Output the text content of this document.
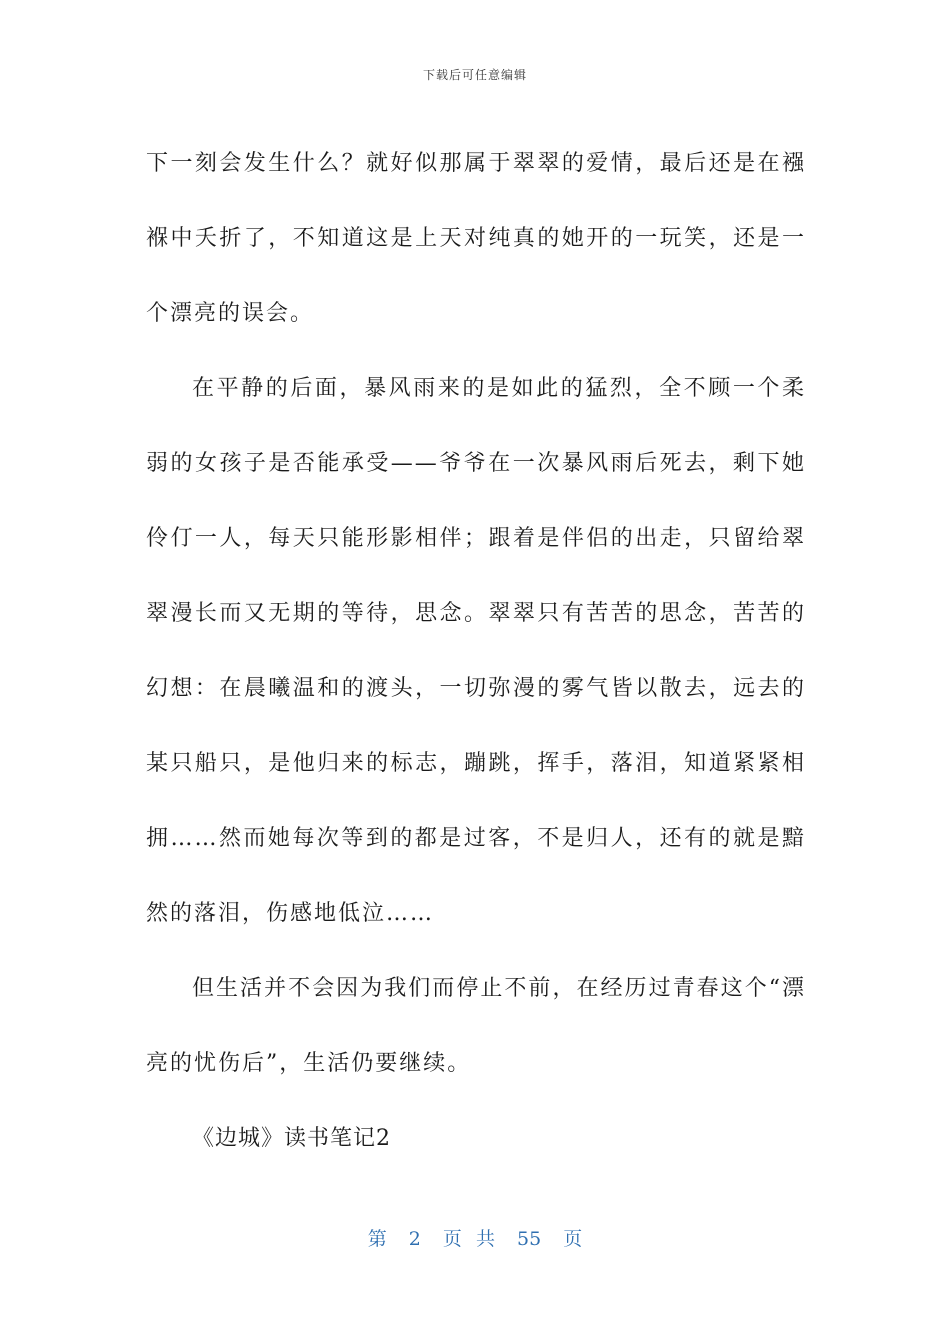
下载后可任意编辑

下一刻会发生什么？就好似那属于翠翠的爱情，最后还是在襁褓中夭折了，不知道这是上天对纯真的她开的一玩笑，还是一个漂亮的误会。

在平静的后面，暴风雨来的是如此的猛烈，全不顾一个柔弱的女孩子是否能承受——爷爷在一次暴风雨后死去，剩下她伶仃一人，每天只能形影相伴；跟着是伴侣的出走，只留给翠翠漫长而又无期的等待，思念。翠翠只有苦苦的思念，苦苦的幻想：在晨曦温和的渡头，一切弥漫的雾气皆以散去，远去的某只船只，是他归来的标志，蹦跳，挥手，落泪，知道紧紧相拥……然而她每次等到的都是过客，不是归人，还有的就是黯然的落泪，伤感地低泣……

但生活并不会因为我们而停止不前，在经历过青春这个“漂亮的忧伤后”，生活仍要继续。

《边城》读书笔记2

第 2 页 共 55 页
